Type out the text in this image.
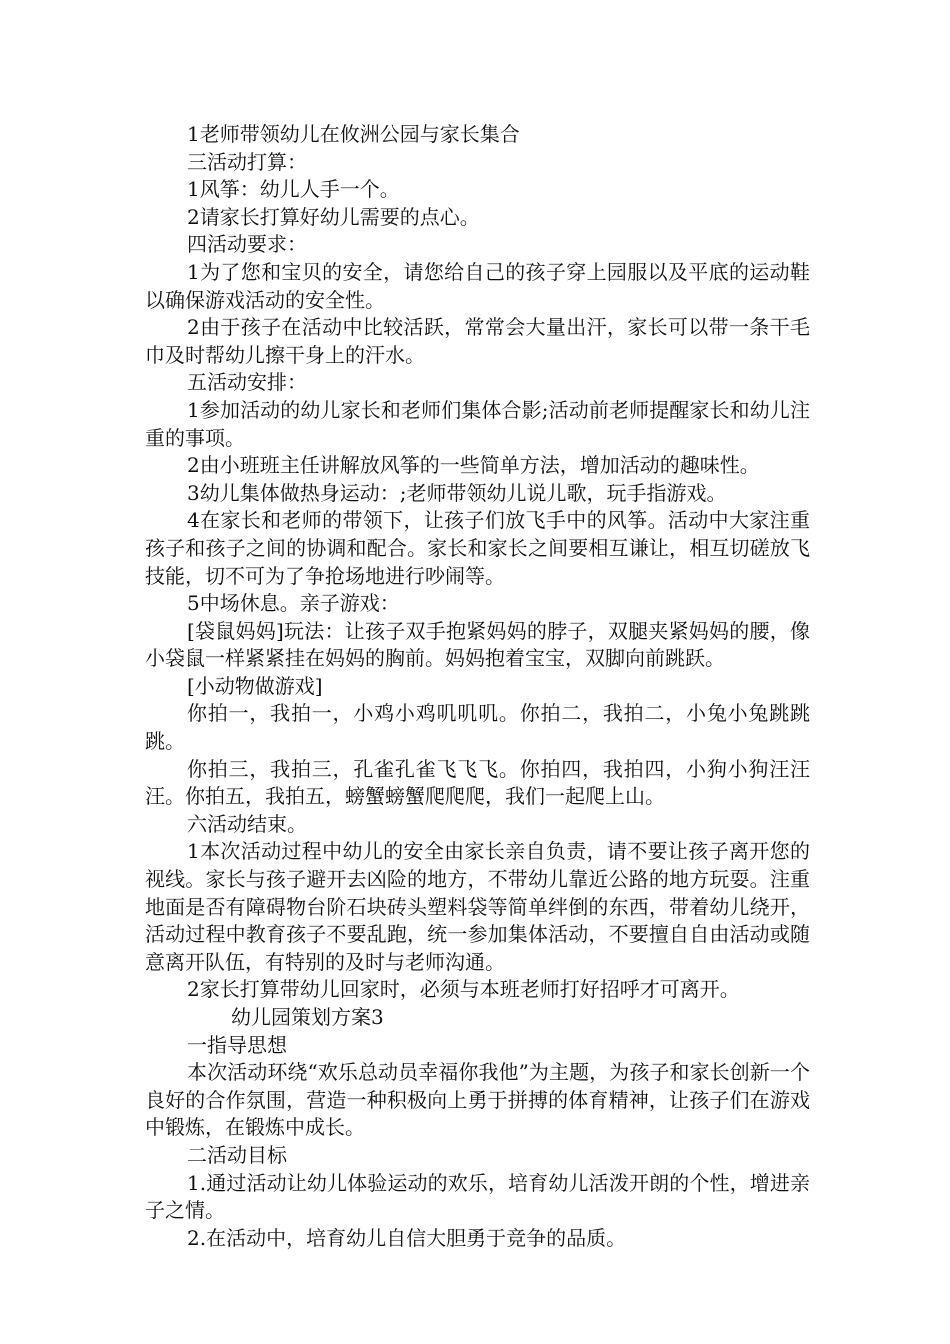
1老师带领幼儿在攸洲公园与家长集合

三活动打算：

1风筝：幼儿人手一个。

2请家长打算好幼儿需要的点心。

四活动要求：

1为了您和宝贝的安全，请您给自己的孩子穿上园服以及平底的运动鞋以确保游戏活动的安全性。

2由于孩子在活动中比较活跃，常常会大量出汗，家长可以带一条干毛巾及时帮幼儿擦干身上的汗水。

五活动安排：

1参加活动的幼儿家长和老师们集体合影;活动前老师提醒家长和幼儿注重的事项。

2由小班班主任讲解放风筝的一些简单方法，增加活动的趣味性。

3幼儿集体做热身运动：;老师带领幼儿说儿歌，玩手指游戏。

4在家长和老师的带领下，让孩子们放飞手中的风筝。活动中大家注重孩子和孩子之间的协调和配合。家长和家长之间要相互谦让，相互切磋放飞技能，切不可为了争抢场地进行吵闹等。

5中场休息。亲子游戏：

[袋鼠妈妈]玩法：让孩子双手抱紧妈妈的脖子，双腿夹紧妈妈的腰，像小袋鼠一样紧紧挂在妈妈的胸前。妈妈抱着宝宝，双脚向前跳跃。

[小动物做游戏]

你拍一，我拍一，小鸡小鸡叽叽叽。你拍二，我拍二，小兔小兔跳跳跳。

你拍三，我拍三，孔雀孔雀飞飞飞。你拍四，我拍四，小狗小狗汪汪汪。你拍五，我拍五，螃蟹螃蟹爬爬爬，我们一起爬上山。

六活动结束。

1本次活动过程中幼儿的安全由家长亲自负责，请不要让孩子离开您的视线。家长与孩子避开去凶险的地方，不带幼儿靠近公路的地方玩耍。注重地面是否有障碍物台阶石块砖头塑料袋等简单绊倒的东西，带着幼儿绕开，活动过程中教育孩子不要乱跑，统一参加集体活动，不要擅自自由活动或随意离开队伍，有特别的及时与老师沟通。

2家长打算带幼儿回家时，必须与本班老师打好招呼才可离开。

幼儿园策划方案3

一指导思想

本次活动环绕“欢乐总动员幸福你我他”为主题，为孩子和家长创新一个良好的合作氛围，营造一种积极向上勇于拼搏的体育精神，让孩子们在游戏中锻炼，在锻炼中成长。

二活动目标

1.通过活动让幼儿体验运动的欢乐，培育幼儿活泼开朗的个性，增进亲子之情。

2.在活动中，培育幼儿自信大胆勇于竞争的品质。
